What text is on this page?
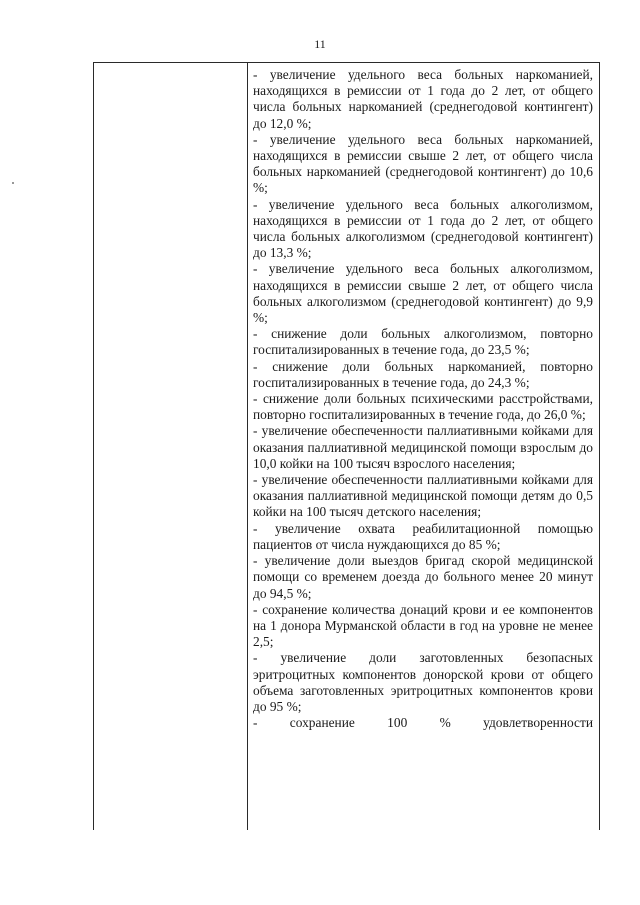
11

- увеличение удельного веса больных наркоманией, находящихся в ремиссии от 1 года до 2 лет, от общего числа больных наркоманией (среднегодовой контингент) до 12,0 %;

- увеличение удельного веса больных наркоманией, находящихся в ремиссии свыше 2 лет, от общего числа больных наркоманией (среднегодовой контингент) до 10,6 %;

- увеличение удельного веса больных алкоголизмом, находящихся в ремиссии от 1 года до 2 лет, от общего числа больных алкоголизмом (среднегодовой контингент) до 13,3 %;

- увеличение удельного веса больных алкоголизмом, находящихся в ремиссии свыше 2 лет, от общего числа больных алкоголизмом (среднегодовой контингент) до 9,9 %;

- снижение доли больных алкоголизмом, повторно госпитализированных в течение года, до 23,5 %;

- снижение доли больных наркоманией, повторно госпитализированных в течение года, до 24,3 %;

- снижение доли больных психическими расстройствами, повторно госпитализированных в течение года, до 26,0 %;

- увеличение обеспеченности паллиативными койками для оказания паллиативной медицинской помощи взрослым до 10,0 койки на 100 тысяч взрослого населения;

- увеличение обеспеченности паллиативными койками для оказания паллиативной медицинской помощи детям до 0,5 койки на 100 тысяч детского населения;

- увеличение охвата реабилитационной помощью пациентов от числа нуждающихся до 85 %;

- увеличение доли выездов бригад скорой медицинской помощи со временем доезда до больного менее 20 минут до 94,5 %;

- сохранение количества донаций крови и ее компонентов на 1 донора Мурманской области в год на уровне не менее 2,5;

- увеличение доли заготовленных безопасных эритроцитных компонентов донорской крови от общего объема заготовленных эритроцитных компонентов крови до 95 %;

- сохранение 100 % удовлетворенности
